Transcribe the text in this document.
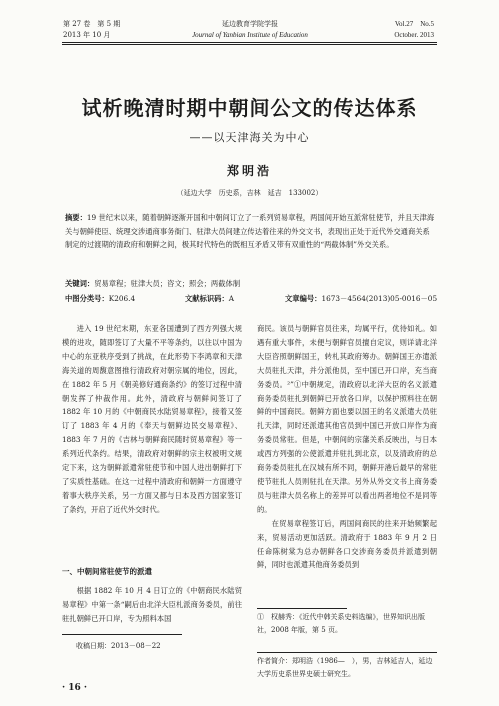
第 27 卷　第 5 期
2013 年 10 月
延边教育学院学报
Journal of Yanbian Institute of Education
Vol.27　No.5
October. 2013
试析晚清时期中朝间公文的传达体系
——以天津海关为中心
郑明浩
（延边大学　历史系，吉林　延吉　133002）
摘要：19 世纪末以来，随着朝鲜逐渐开国和中朝间订立了一系列贸易章程，两国间开始互派常驻使节，并且天津海关与朝鲜使臣、统理交涉通商事务衙门、驻津大员间建立传达着往来的外交文书，表现出正处于近代外交通商关系制定的过渡期的清政府和朝鲜之间，极其时代特色的既相互矛盾又带有双重性的“两截体制”外交关系。
关键词：贸易章程；驻津大员；咨文；照会；两截体制
中图分类号：K206.4	文献标识码：A	文章编号：1673－4564(2013)05-0016－05

进入 19 世纪末期，东亚各国遭到了西方列强大规模的进攻，随即签订了大量不平等条约，以往以中国为中心的东亚秩序受到了挑战，在此形势下李鸿章和天津海关道的周馥意图推行清政府对朝宗属的地位，因此，在 1882 年 5 月《朝美修好通商条约》的签订过程中清朝发挥了仲裁作用。此外，清政府与朝鲜间签订了 1882 年 10 月的《中朝商民水陆贸易章程》，接着又签订了 1883 年 4 月的《奉天与朝鲜边民交易章程》、1883 年 7 月的《吉林与朝鲜商民随时贸易章程》等一系列近代条约。结果，清政府对朝鲜的宗主权被明文规定下来，这为朝鲜派遣常驻使节和中国人进出朝鲜打下了实质性基础。在这一过程中清政府和朝鲜一方面遵守着事大秩序关系，另一方面又都与日本及西方国家签订了条约，开启了近代外交时代。

一、中朝间常驻使节的派遣

根据 1882 年 10 月 4 日订立的《中朝商民水陆贸易章程》中第一条“嗣后由北洋大臣札派商务委员，前往驻扎朝鲜已开口岸，专为照料本国

收稿日期：2013－08－22

商民。该员与朝鲜官员往来，均属平行，优待如礼。如遇有重大事件，未便与朝鲜官员擅自定议，则详请北洋大臣咨照朝鲜国王，转札其政府筹办。朝鲜国王亦遣派大员驻扎天津，并分派他员，至中国已开口岸，充当商务委员。²”①中朝规定，清政府以北洋大臣的名义派遣商务委员驻扎到朝鲜已开放各口岸，以保护照料往在朝鲜的中国商民。朝鲜方面也要以国王的名义派遣大员驻扎天津，同时还派遣其他官员到中国已开放口岸作为商务委员常驻。但是，中朝间的宗藩关系反映出，与日本或西方列强的公使派遣并驻扎到北京，以及清政府的总商务委员驻扎在汉城有所不同，朝鲜开港后最早的常驻使节驻扎人员则驻扎在天津。另外从外交文书上商务委员与驻津大员名称上的差异可以看出两者地位不是同等的。

在贸易章程签订后，两国间商民的往来开始频繁起来，贸易活动更加活跃。清政府于 1883 年 9 月 2 日任命陈树棠为总办朝鲜各口交涉商务委员并派遣到朝鲜，同时也派遣其他商务委员到

①　权赫秀：《近代中韩关系史料选编》，世界知识出版社，2008 年版，第 5 页。
作者简介：郑明浩（1986—　），男，吉林延吉人，延边大学历史系世界史硕士研究生。
· 16 ·
